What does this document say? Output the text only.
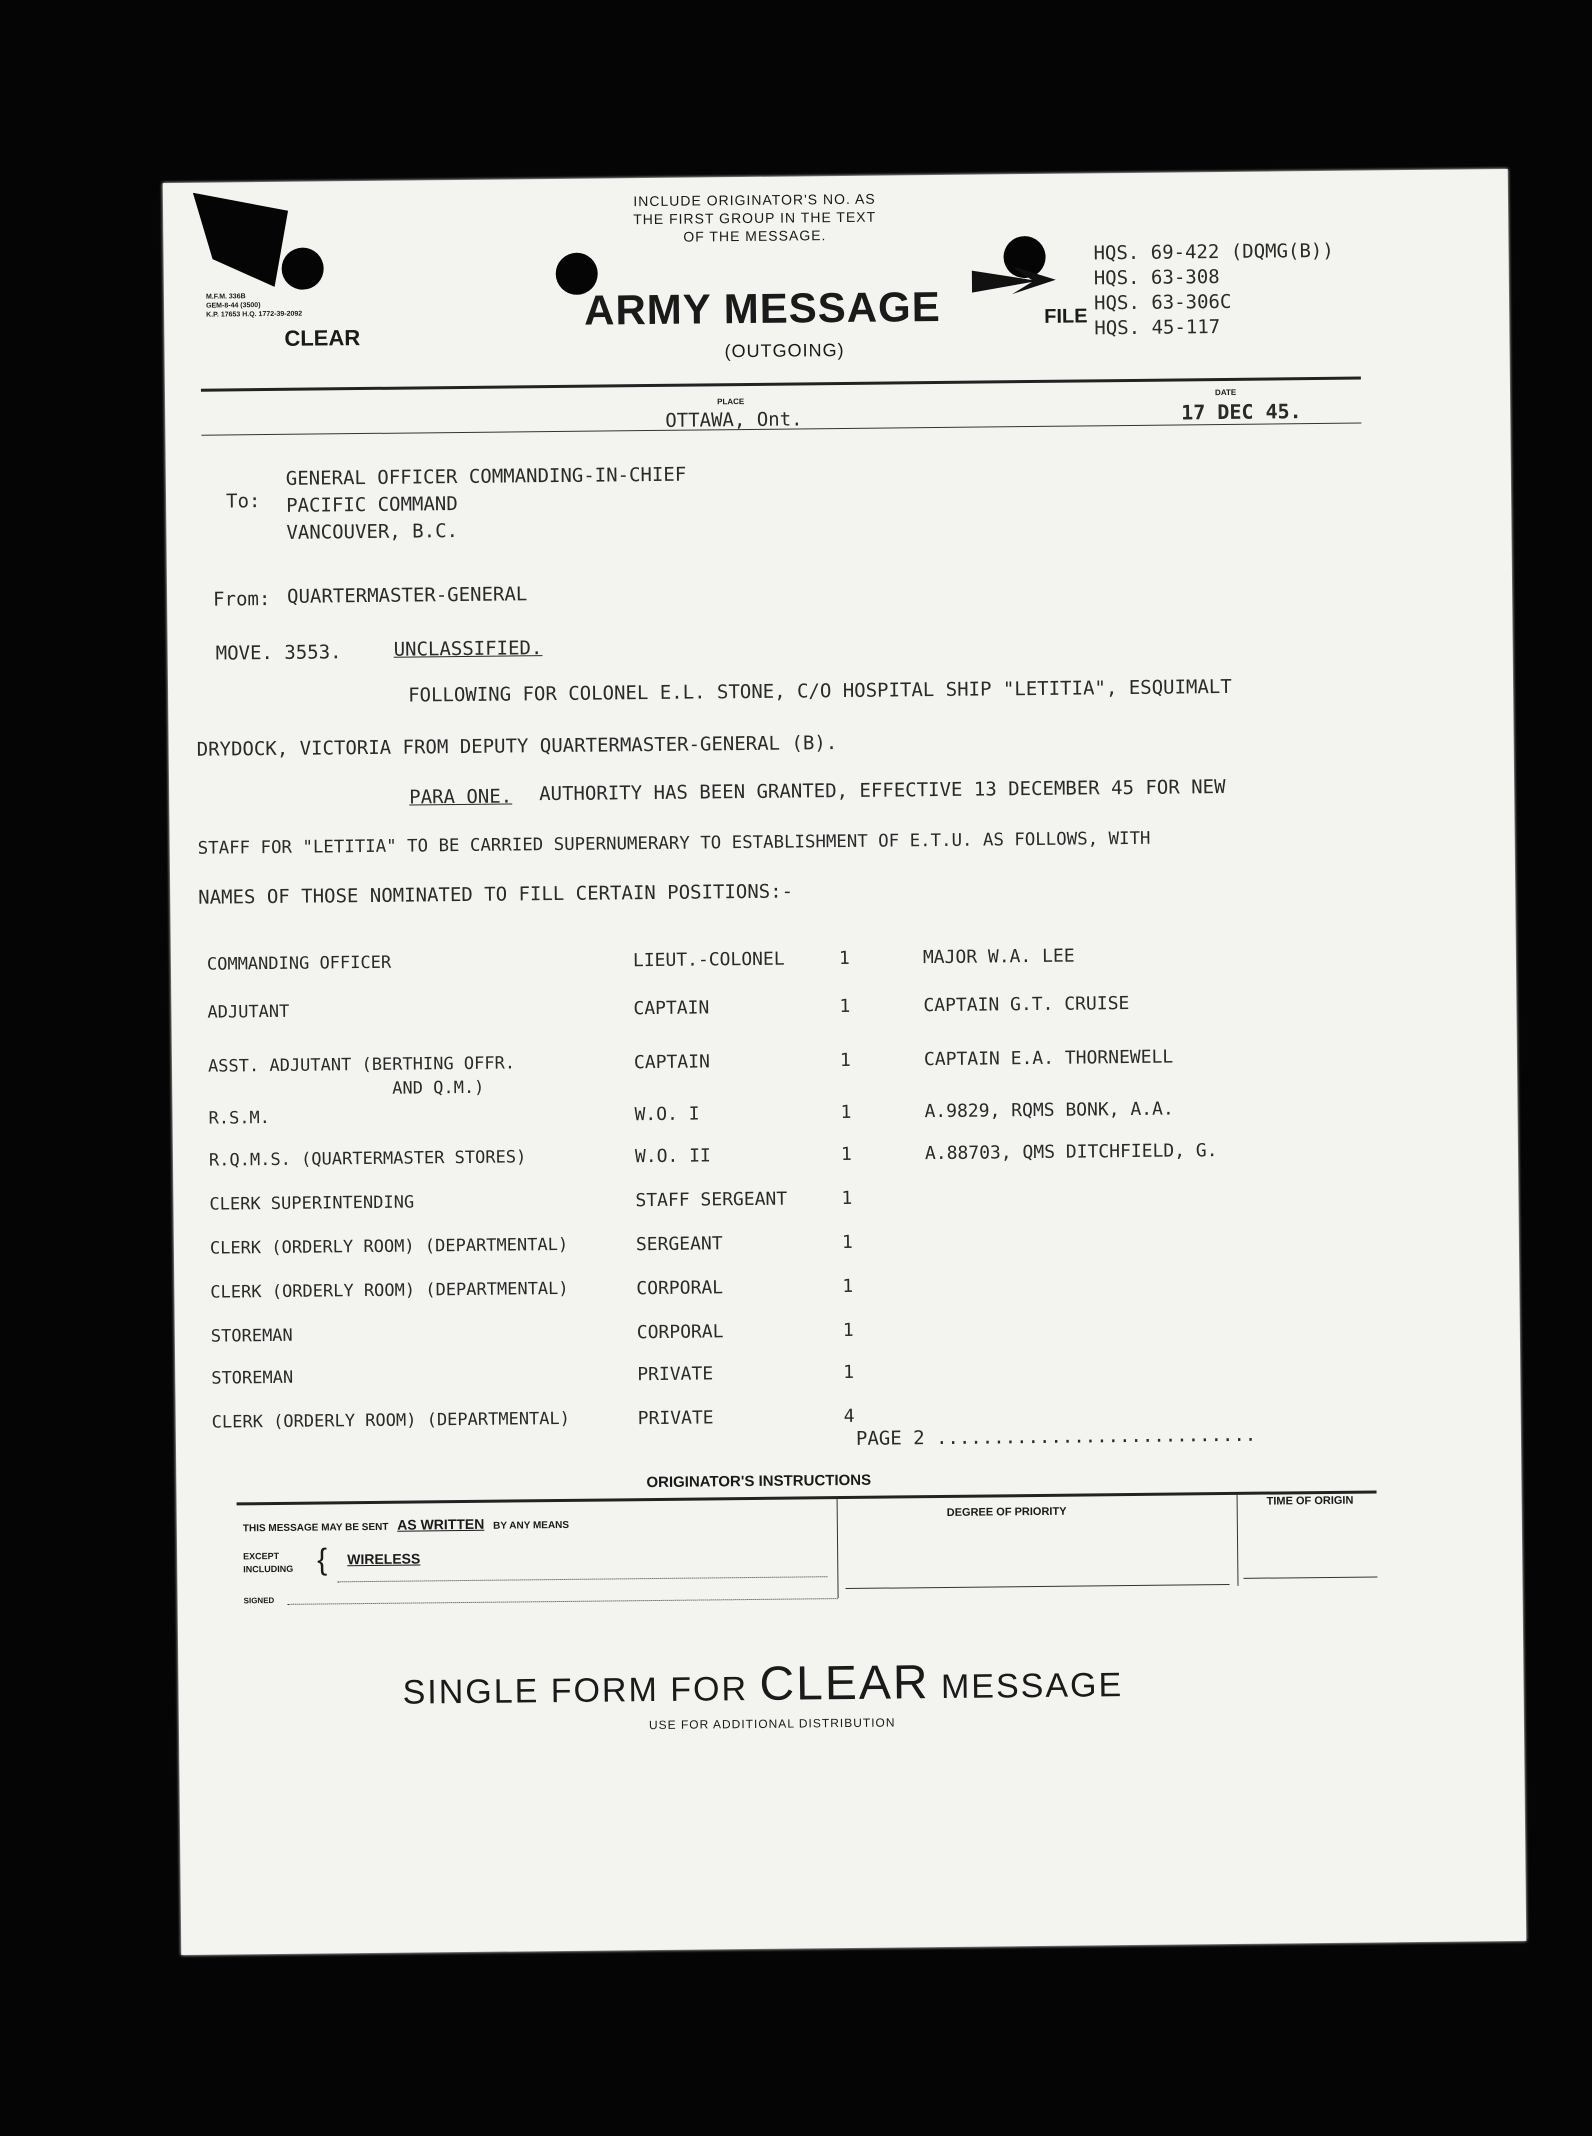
INCLUDE ORIGINATOR'S NO. AS
THE FIRST GROUP IN THE TEXT
OF THE MESSAGE.
M.F.M. 336B
GEM-8-44 (3500)
K.P. 17653 H.Q. 1772-39-2092
CLEAR
ARMY MESSAGE
(OUTGOING)
FILE
HQS. 69-422 (DQMG(B))
HQS. 63-308
HQS. 63-306C
HQS. 45-117
PLACE
OTTAWA, Ont.
DATE
17 DEC 45.
To:
GENERAL OFFICER COMMANDING-IN-CHIEF
PACIFIC COMMAND
VANCOUVER, B.C.
From: QUARTERMASTER-GENERAL
MOVE. 3553.	UNCLASSIFIED.
FOLLOWING FOR COLONEL E.L. STONE, C/O HOSPITAL SHIP "LETITIA", ESQUIMALT
DRYDOCK, VICTORIA FROM DEPUTY QUARTERMASTER-GENERAL (B).
PARA ONE. AUTHORITY HAS BEEN GRANTED, EFFECTIVE 13 DECEMBER 45 FOR NEW
STAFF FOR "LETITIA" TO BE CARRIED SUPERNUMERARY TO ESTABLISHMENT OF E.T.U. AS FOLLOWS, WITH
NAMES OF THOSE NOMINATED TO FILL CERTAIN POSITIONS:-
COMMANDING OFFICER	LIEUT.-COLONEL	1	MAJOR W.A. LEE
ADJUTANT	CAPTAIN	1	CAPTAIN G.T. CRUISE
ASST. ADJUTANT (BERTHING OFFR.	CAPTAIN	1	CAPTAIN E.A. THORNEWELL
AND Q.M.)
R.S.M.	W.O. I	1	A.9829, RQMS BONK, A.A.
R.Q.M.S. (QUARTERMASTER STORES)	W.O. II	1	A.88703, QMS DITCHFIELD, G.
CLERK SUPERINTENDING	STAFF SERGEANT	1
CLERK (ORDERLY ROOM) (DEPARTMENTAL)	SERGEANT	1
CLERK (ORDERLY ROOM) (DEPARTMENTAL)	CORPORAL	1
STOREMAN	CORPORAL	1
STOREMAN	PRIVATE	1
CLERK (ORDERLY ROOM) (DEPARTMENTAL)	PRIVATE	4
PAGE 2 ............................
ORIGINATOR'S INSTRUCTIONS
THIS MESSAGE MAY BE SENT AS WRITTEN BY ANY MEANS
EXCEPT
INCLUDING { WIRELESS
SIGNED
DEGREE OF PRIORITY
TIME OF ORIGIN
SINGLE FORM FOR CLEAR MESSAGE
USE FOR ADDITIONAL DISTRIBUTION
